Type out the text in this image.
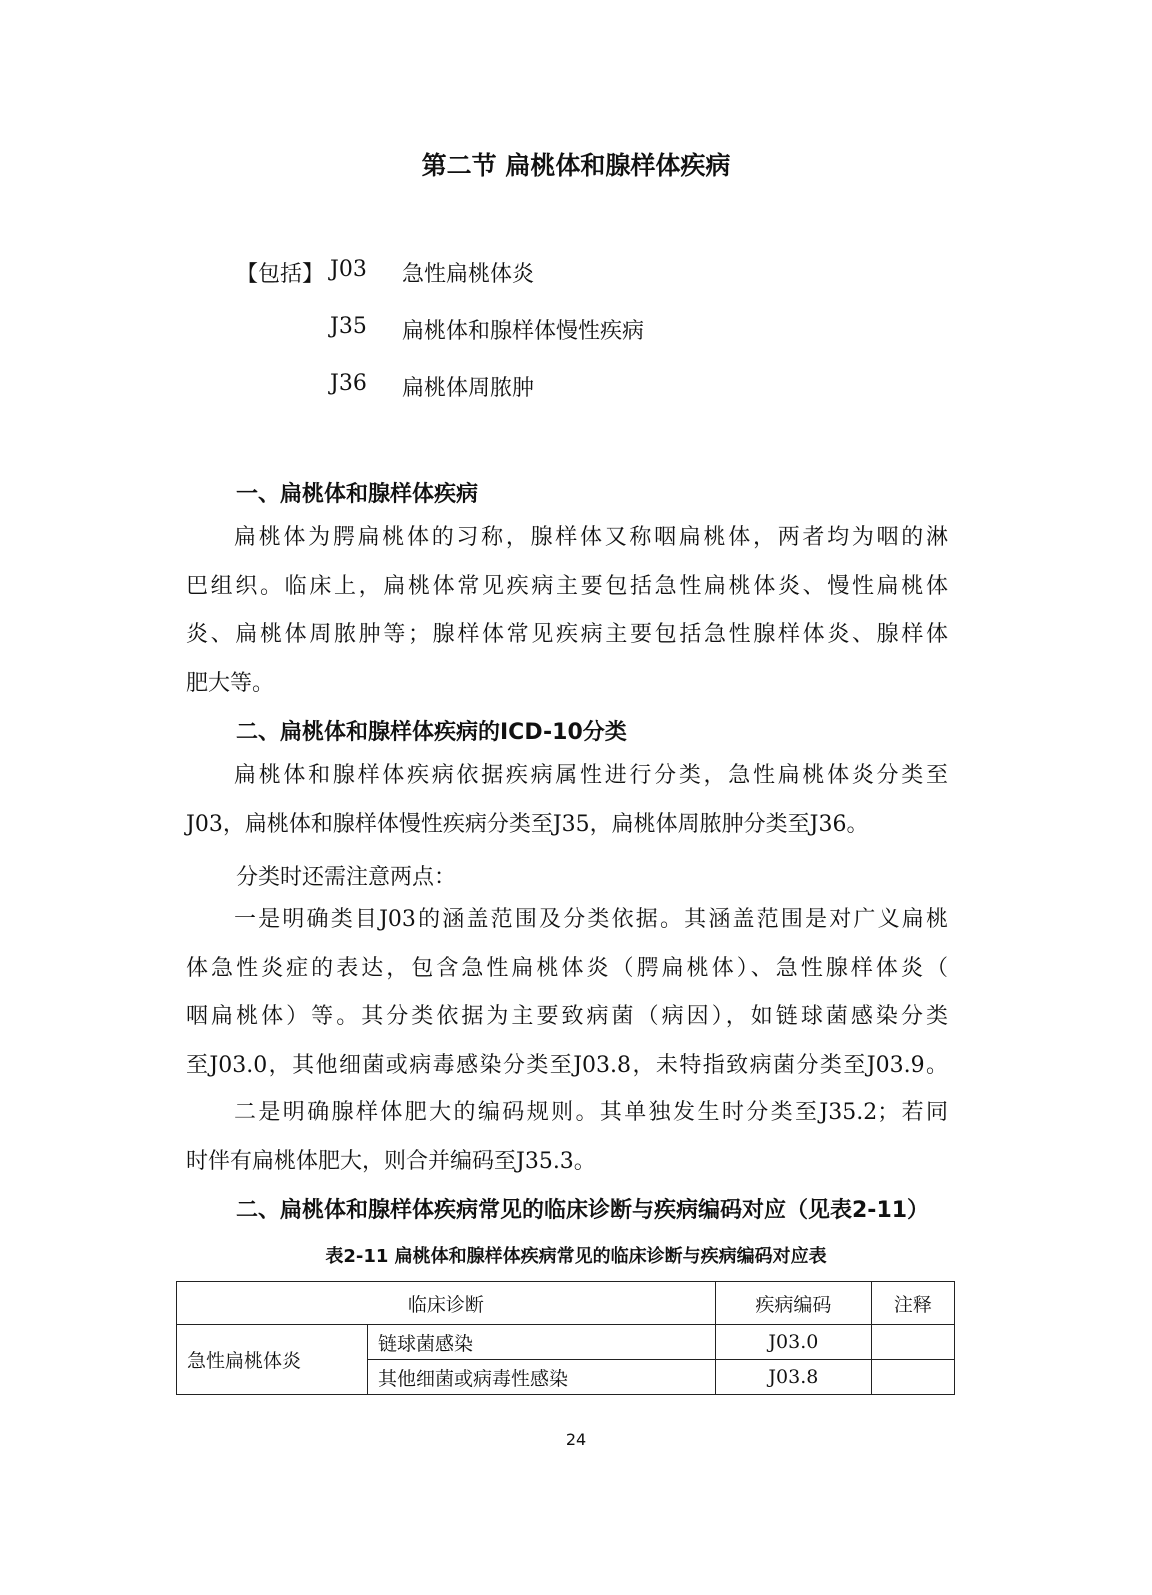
第二节 扁桃体和腺样体疾病
【包括】 J03 急性扁桃体炎
J35 扁桃体和腺样体慢性疾病
J36 扁桃体周脓肿
一、扁桃体和腺样体疾病
扁桃体为腭扁桃体的习称，腺样体又称咽扁桃体，两者均为咽的淋
巴组织。临床上，扁桃体常见疾病主要包括急性扁桃体炎、慢性扁桃体
炎、扁桃体周脓肿等；腺样体常见疾病主要包括急性腺样体炎、腺样体
肥大等。
二、扁桃体和腺样体疾病的ICD-10分类
扁桃体和腺样体疾病依据疾病属性进行分类，急性扁桃体炎分类至
J03，扁桃体和腺样体慢性疾病分类至J35，扁桃体周脓肿分类至J36。
分类时还需注意两点：
一是明确类目J03的涵盖范围及分类依据。其涵盖范围是对广义扁桃
体急性炎症的表达，包含急性扁桃体炎（腭扁桃体）、急性腺样体炎（
咽扁桃体）等。其分类依据为主要致病菌（病因），如链球菌感染分类
至J03.0，其他细菌或病毒感染分类至J03.8，未特指致病菌分类至J03.9。
二是明确腺样体肥大的编码规则。其单独发生时分类至J35.2；若同
时伴有扁桃体肥大，则合并编码至J35.3。
二、扁桃体和腺样体疾病常见的临床诊断与疾病编码对应（见表2-11）
表2-11 扁桃体和腺样体疾病常见的临床诊断与疾病编码对应表
临床诊断		疾病编码	注释
急性扁桃体炎	链球菌感染	J03.0	
	其他细菌或病毒性感染	J03.8	
24
